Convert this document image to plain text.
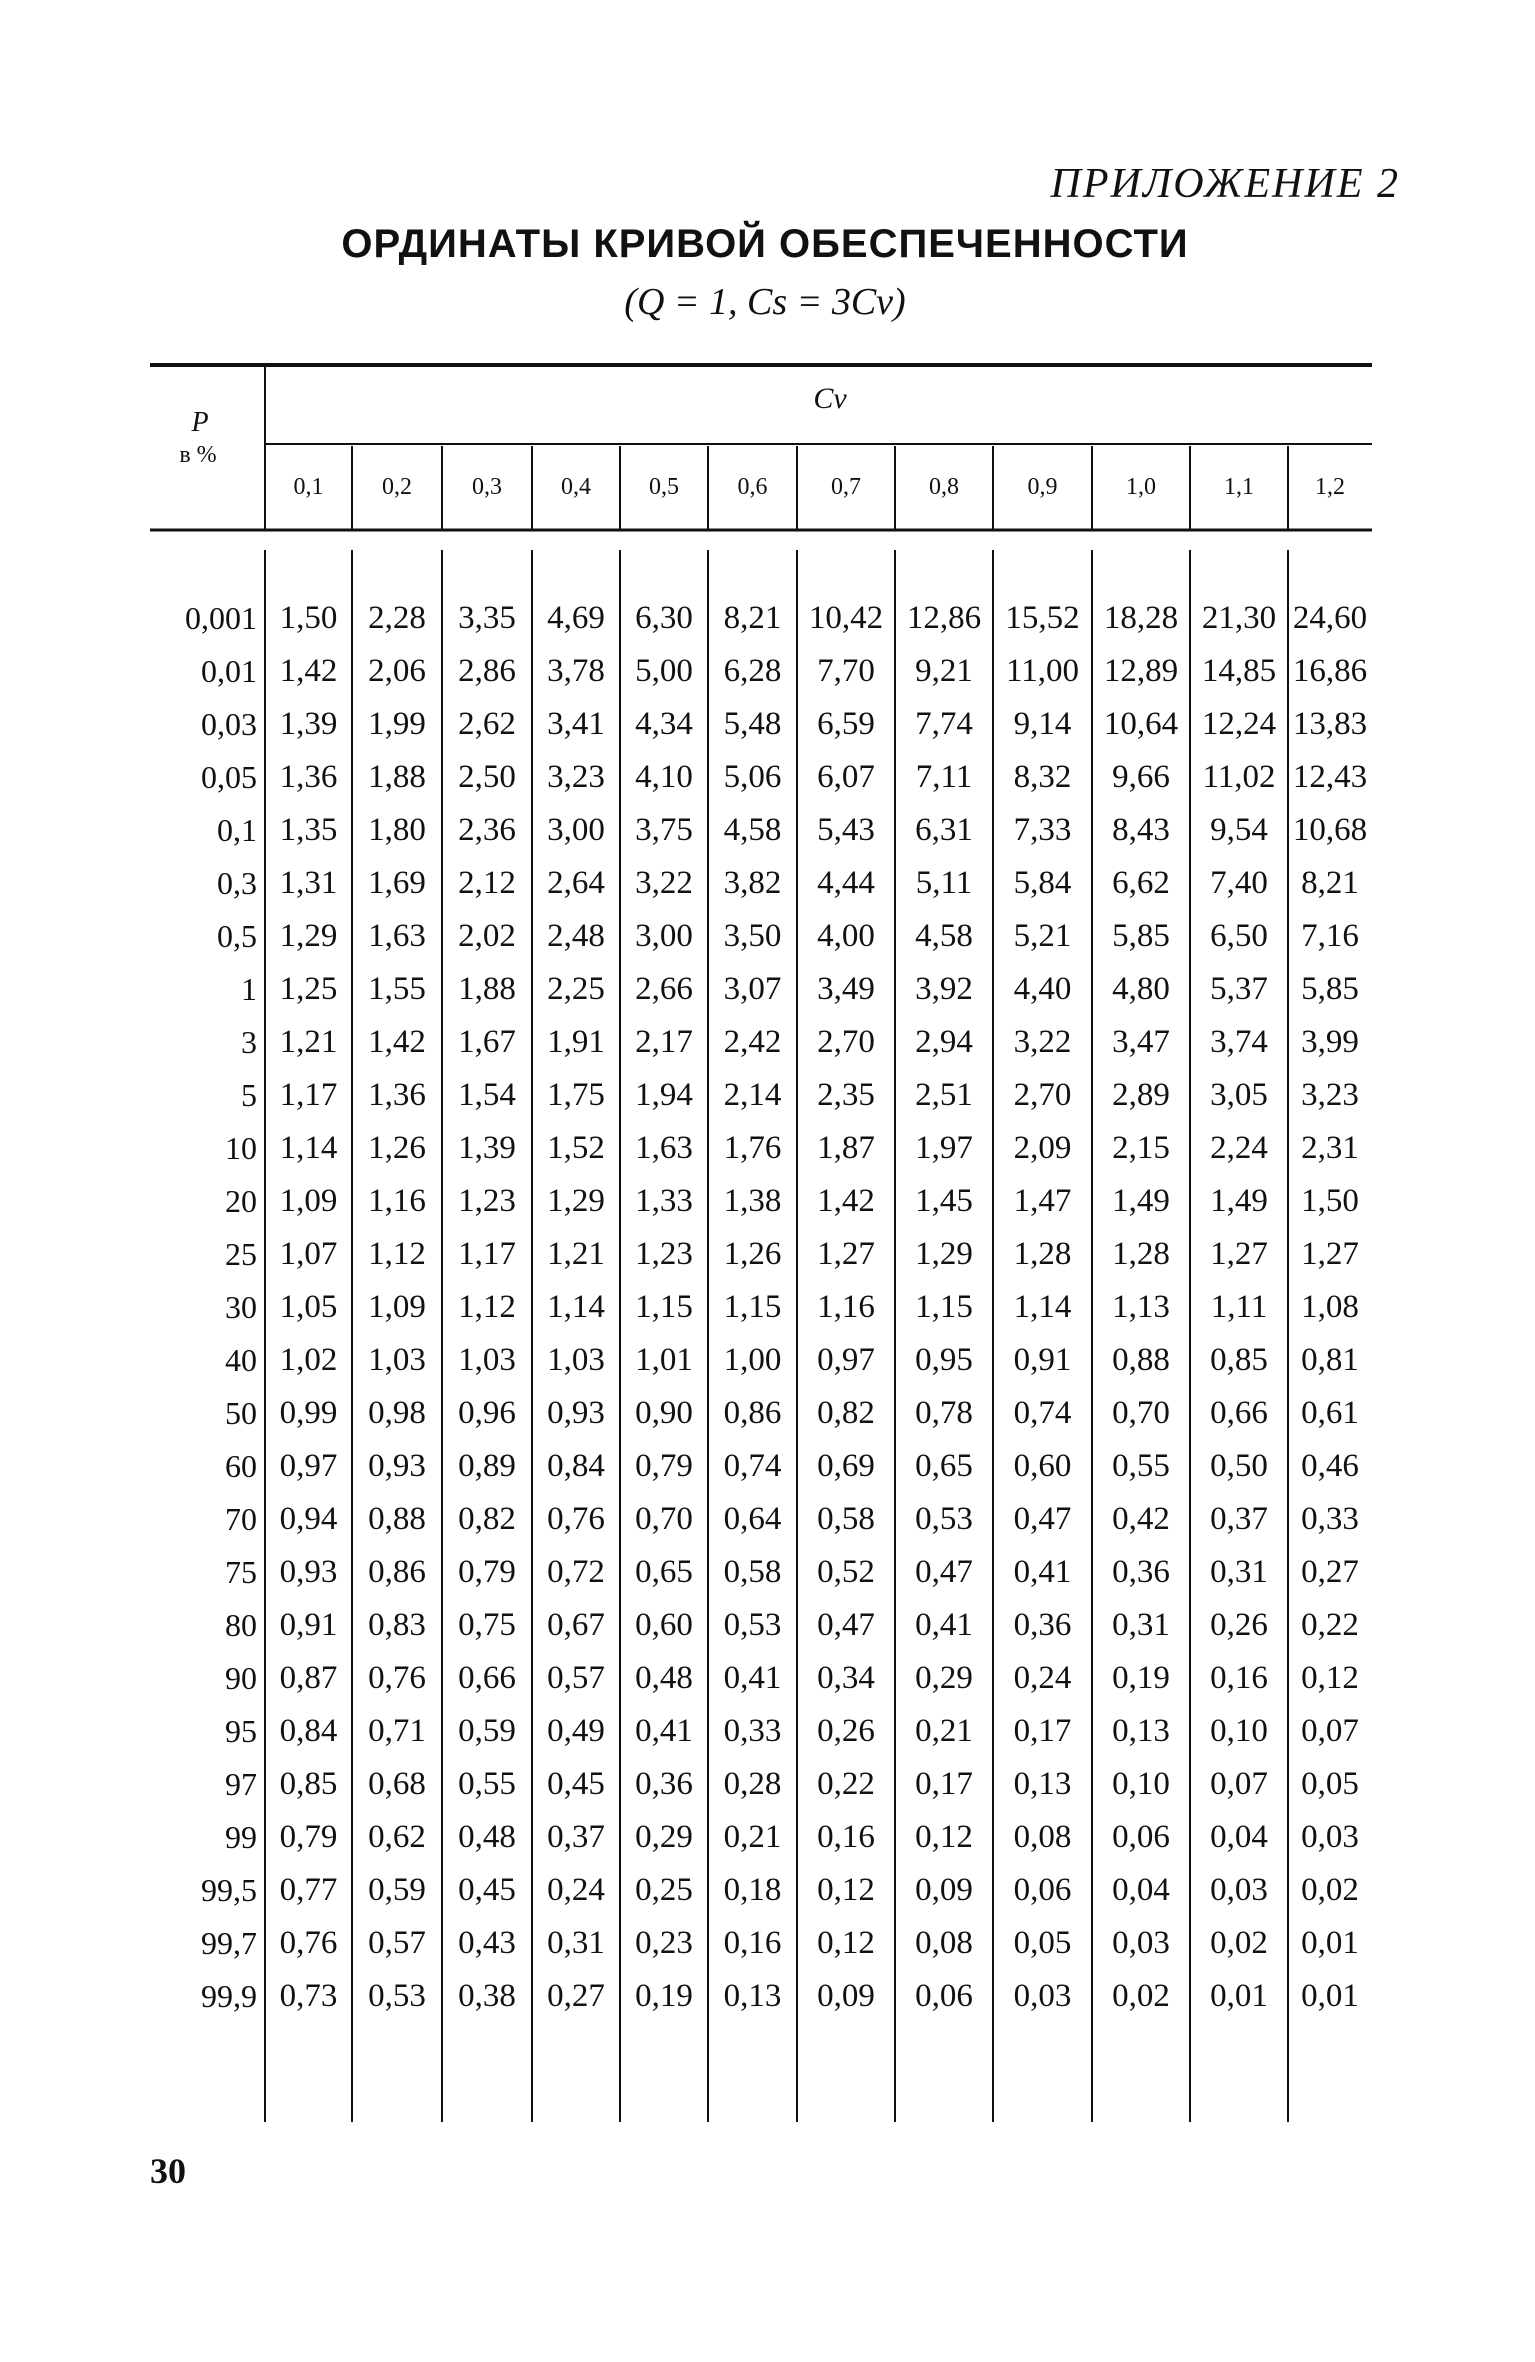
ПРИЛОЖЕНИЕ 2
ОРДИНАТЫ КРИВОЙ ОБЕСПЕЧЕННОСТИ
(Q = 1, Cs = 3Cv)
P
в %
Cv
0,1 0,2	0,3 0,4 0,5 0,6	0,7	0,8	0,9	1,0	1,1	1,2
0,001 1,50 2,28 3,35 4,69 6,30 8,21 10,42 12,86 15,52 18,28 21,30 24,60
0,01 1,42 2,06 2,86 3,78 5,00 6,28 7,70 9,21 11,00 12,89 14,85 16,86
0,03 1,39 1,99 2,62 3,41 4,34 5,48 6,59 7,74 9,14 10,64 12,24 13,83
0,05 1,36 1,88 2,50 3,23 4,10 5,06 6,07 7,11 8,32 9,66 11,02 12,43
0,1 1,35 1,80 2,36 3,00 3,75 4,58 5,43 6,31 7,33 8,43 9,54 10,68
0,3 1,31 1,69 2,12 2,64 3,22 3,82 4,44 5,11 5,84 6,62 7,40 8,21
0,5 1,29 1,63 2,02 2,48 3,00 3,50 4,00 4,58 5,21 5,85 6,50 7,16
1 1,25 1,55 1,88 2,25 2,66 3,07 3,49 3,92 4,40 4,80 5,37 5,85
3 1,21 1,42 1,67 1,91 2,17 2,42 2,70 2,94 3,22 3,47 3,74 3,99
5 1,17 1,36 1,54 1,75 1,94 2,14 2,35 2,51 2,70 2,89 3,05 3,23
10 1,14 1,26 1,39 1,52 1,63 1,76 1,87 1,97 2,09 2,15 2,24 2,31
20 1,09 1,16 1,23 1,29 1,33 1,38 1,42 1,45 1,47 1,49 1,49 1,50
25 1,07 1,12 1,17 1,21 1,23 1,26 1,27 1,29 1,28 1,28 1,27 1,27
30 1,05 1,09 1,12 1,14 1,15 1,15 1,16 1,15 1,14 1,13 1,11 1,08
40 1,02 1,03 1,03 1,03 1,01 1,00 0,97 0,95 0,91 0,88 0,85 0,81
50 0,99 0,98 0,96 0,93 0,90 0,86 0,82 0,78 0,74 0,70 0,66 0,61
60 0,97 0,93 0,89 0,84 0,79 0,74 0,69 0,65 0,60 0,55 0,50 0,46
70 0,94 0,88 0,82 0,76 0,70 0,64 0,58 0,53 0,47 0,42 0,37 0,33
75 0,93 0,86 0,79 0,72 0,65 0,58 0,52 0,47 0,41 0,36 0,31 0,27
80 0,91 0,83 0,75 0,67 0,60 0,53 0,47 0,41 0,36 0,31 0,26 0,22
90 0,87 0,76 0,66 0,57 0,48 0,41 0,34 0,29 0,24 0,19 0,16 0,12
95 0,84 0,71 0,59 0,49 0,41 0,33 0,26 0,21 0,17 0,13 0,10 0,07
97 0,85 0,68 0,55 0,45 0,36 0,28 0,22 0,17 0,13 0,10 0,07 0,05
99 0,79 0,62 0,48 0,37 0,29 0,21 0,16 0,12 0,08 0,06 0,04 0,03
99,5 0,77 0,59 0,45 0,24 0,25 0,18 0,12 0,09 0,06 0,04 0,03 0,02
99,7 0,76 0,57 0,43 0,31 0,23 0,16 0,12 0,08 0,05 0,03 0,02 0,01
99,9 0,73 0,53 0,38 0,27 0,19 0,13 0,09 0,06 0,03 0,02 0,01 0,01
30
